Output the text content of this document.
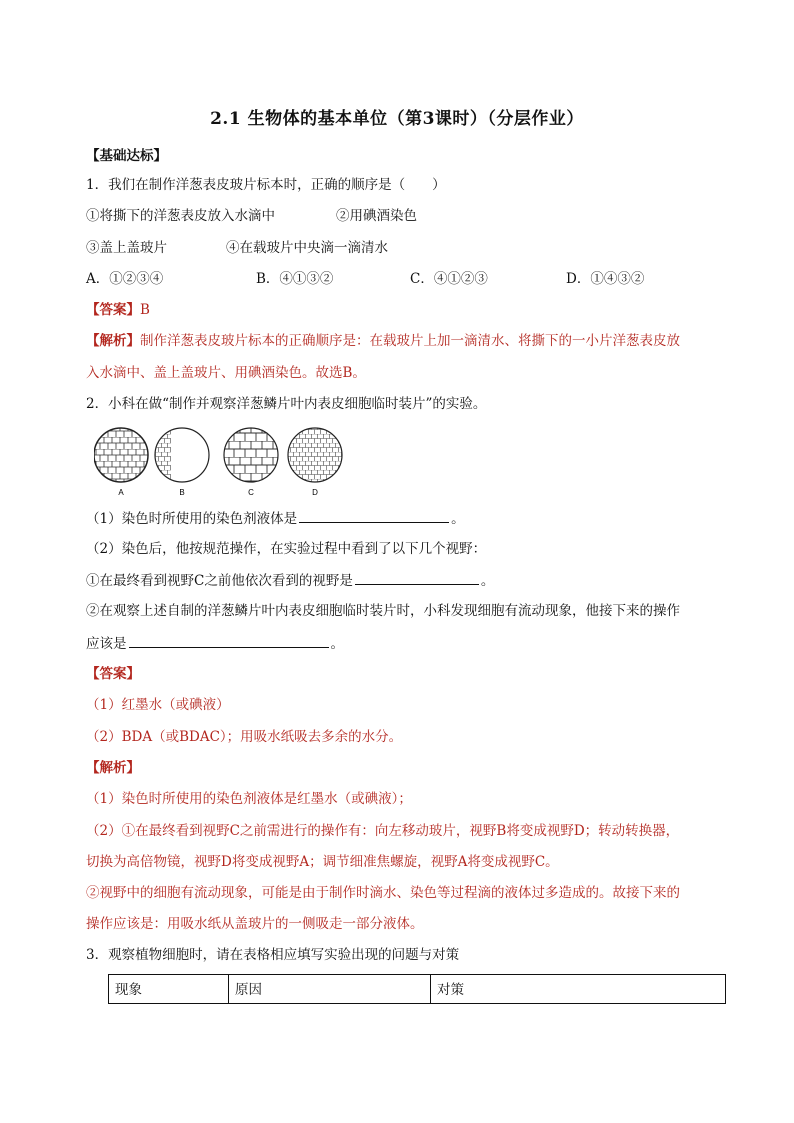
2.1 生物体的基本单位（第3课时）（分层作业）
【基础达标】
1．我们在制作洋葱表皮玻片标本时，正确的顺序是（　　）
①将撕下的洋葱表皮放入水滴中	②用碘酒染色
③盖上盖玻片	④在载玻片中央滴一滴清水
A．①②③④	B．④①③②	C．④①②③	D．①④③②
【答案】B
【解析】制作洋葱表皮玻片标本的正确顺序是：在载玻片上加一滴清水、将撕下的一小片洋葱表皮放
入水滴中、盖上盖玻片、用碘酒染色。故选B。
2．小科在做“制作并观察洋葱鳞片叶内表皮细胞临时装片”的实验。
A	B	C	D
（1）染色时所使用的染色剂液体是	。
（2）染色后，他按规范操作，在实验过程中看到了以下几个视野：
①在最终看到视野C之前他依次看到的视野是	。
②在观察上述自制的洋葱鳞片叶内表皮细胞临时装片时，小科发现细胞有流动现象，他接下来的操作
应该是	。
【答案】
（1）红墨水（或碘液）
（2）BDA（或BDAC）；用吸水纸吸去多余的水分。
【解析】
（1）染色时所使用的染色剂液体是红墨水（或碘液）；
（2）①在最终看到视野C之前需进行的操作有：向左移动玻片，视野B将变成视野D；转动转换器，
切换为高倍物镜，视野D将变成视野A；调节细准焦螺旋，视野A将变成视野C。
②视野中的细胞有流动现象，可能是由于制作时滴水、染色等过程滴的液体过多造成的。故接下来的
操作应该是：用吸水纸从盖玻片的一侧吸走一部分液体。
3．观察植物细胞时，请在表格相应填写实验出现的问题与对策
现象	原因	对策
